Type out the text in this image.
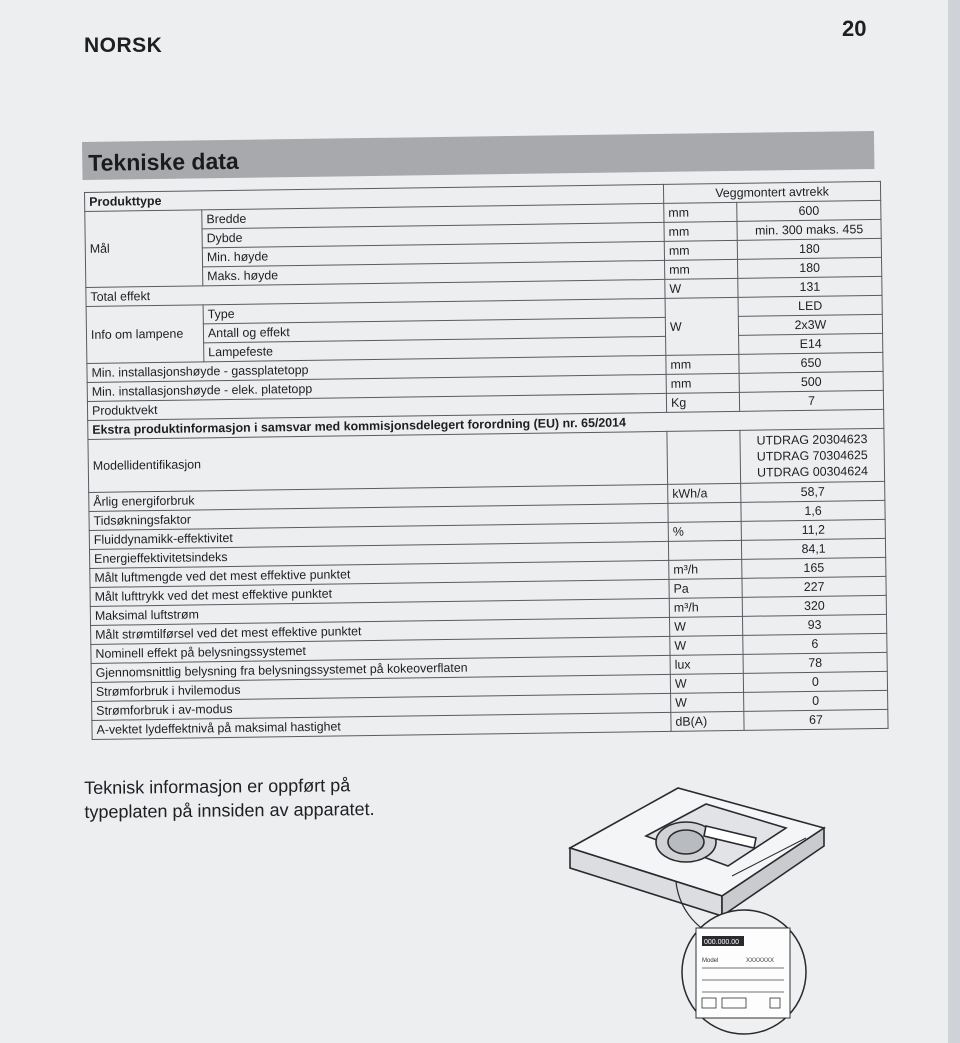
NORSK
20
Tekniske data
Produkttype		Veggmontert avtrekk	
Mål	Bredde	mm	600
	Dybde	mm	min. 300 maks. 455
	Min. høyde	mm	180
	Maks. høyde	mm	180
Total effekt		W	131
Info om lampene	Type	W	LED
	Antall og effekt		2x3W
	Lampefeste		E14
Min. installasjonshøyde - gassplatetopp		mm	650
Min. installasjonshøyde - elek. platetopp		mm	500
Produktvekt		Kg	7
Ekstra produktinformasjon i samsvar med kommisjonsdelegert forordning (EU) nr. 65/2014			
Modellidentifikasjon			UTDRAG 20304623
UTDRAG 70304625
UTDRAG 00304624

Årlig energiforbruk		kWh/a	58,7
Tidsøkningsfaktor			1,6
Fluiddynamikk-effektivitet		%	11,2
Energieffektivitetsindeks			84,1
Målt luftmengde ved det mest effektive punktet		m³/h	165
Målt lufttrykk ved det mest effektive punktet		Pa	227
Maksimal luftstrøm		m³/h	320
Målt strømtilførsel ved det mest effektive punktet		W	93
Nominell effekt på belysningssystemet		W	6
Gjennomsnittlig belysning fra belysningssystemet på kokeoverflaten		lux	78
Strømforbruk i hvilemodus		W	0
Strømforbruk i av-modus		W	0
A-vektet lydeffektnivå på maksimal hastighet		dB(A)	67
Teknisk informasjon er oppført på
typeplaten på innsiden av apparatet.
000.000.00
Model	XXXXXXX
